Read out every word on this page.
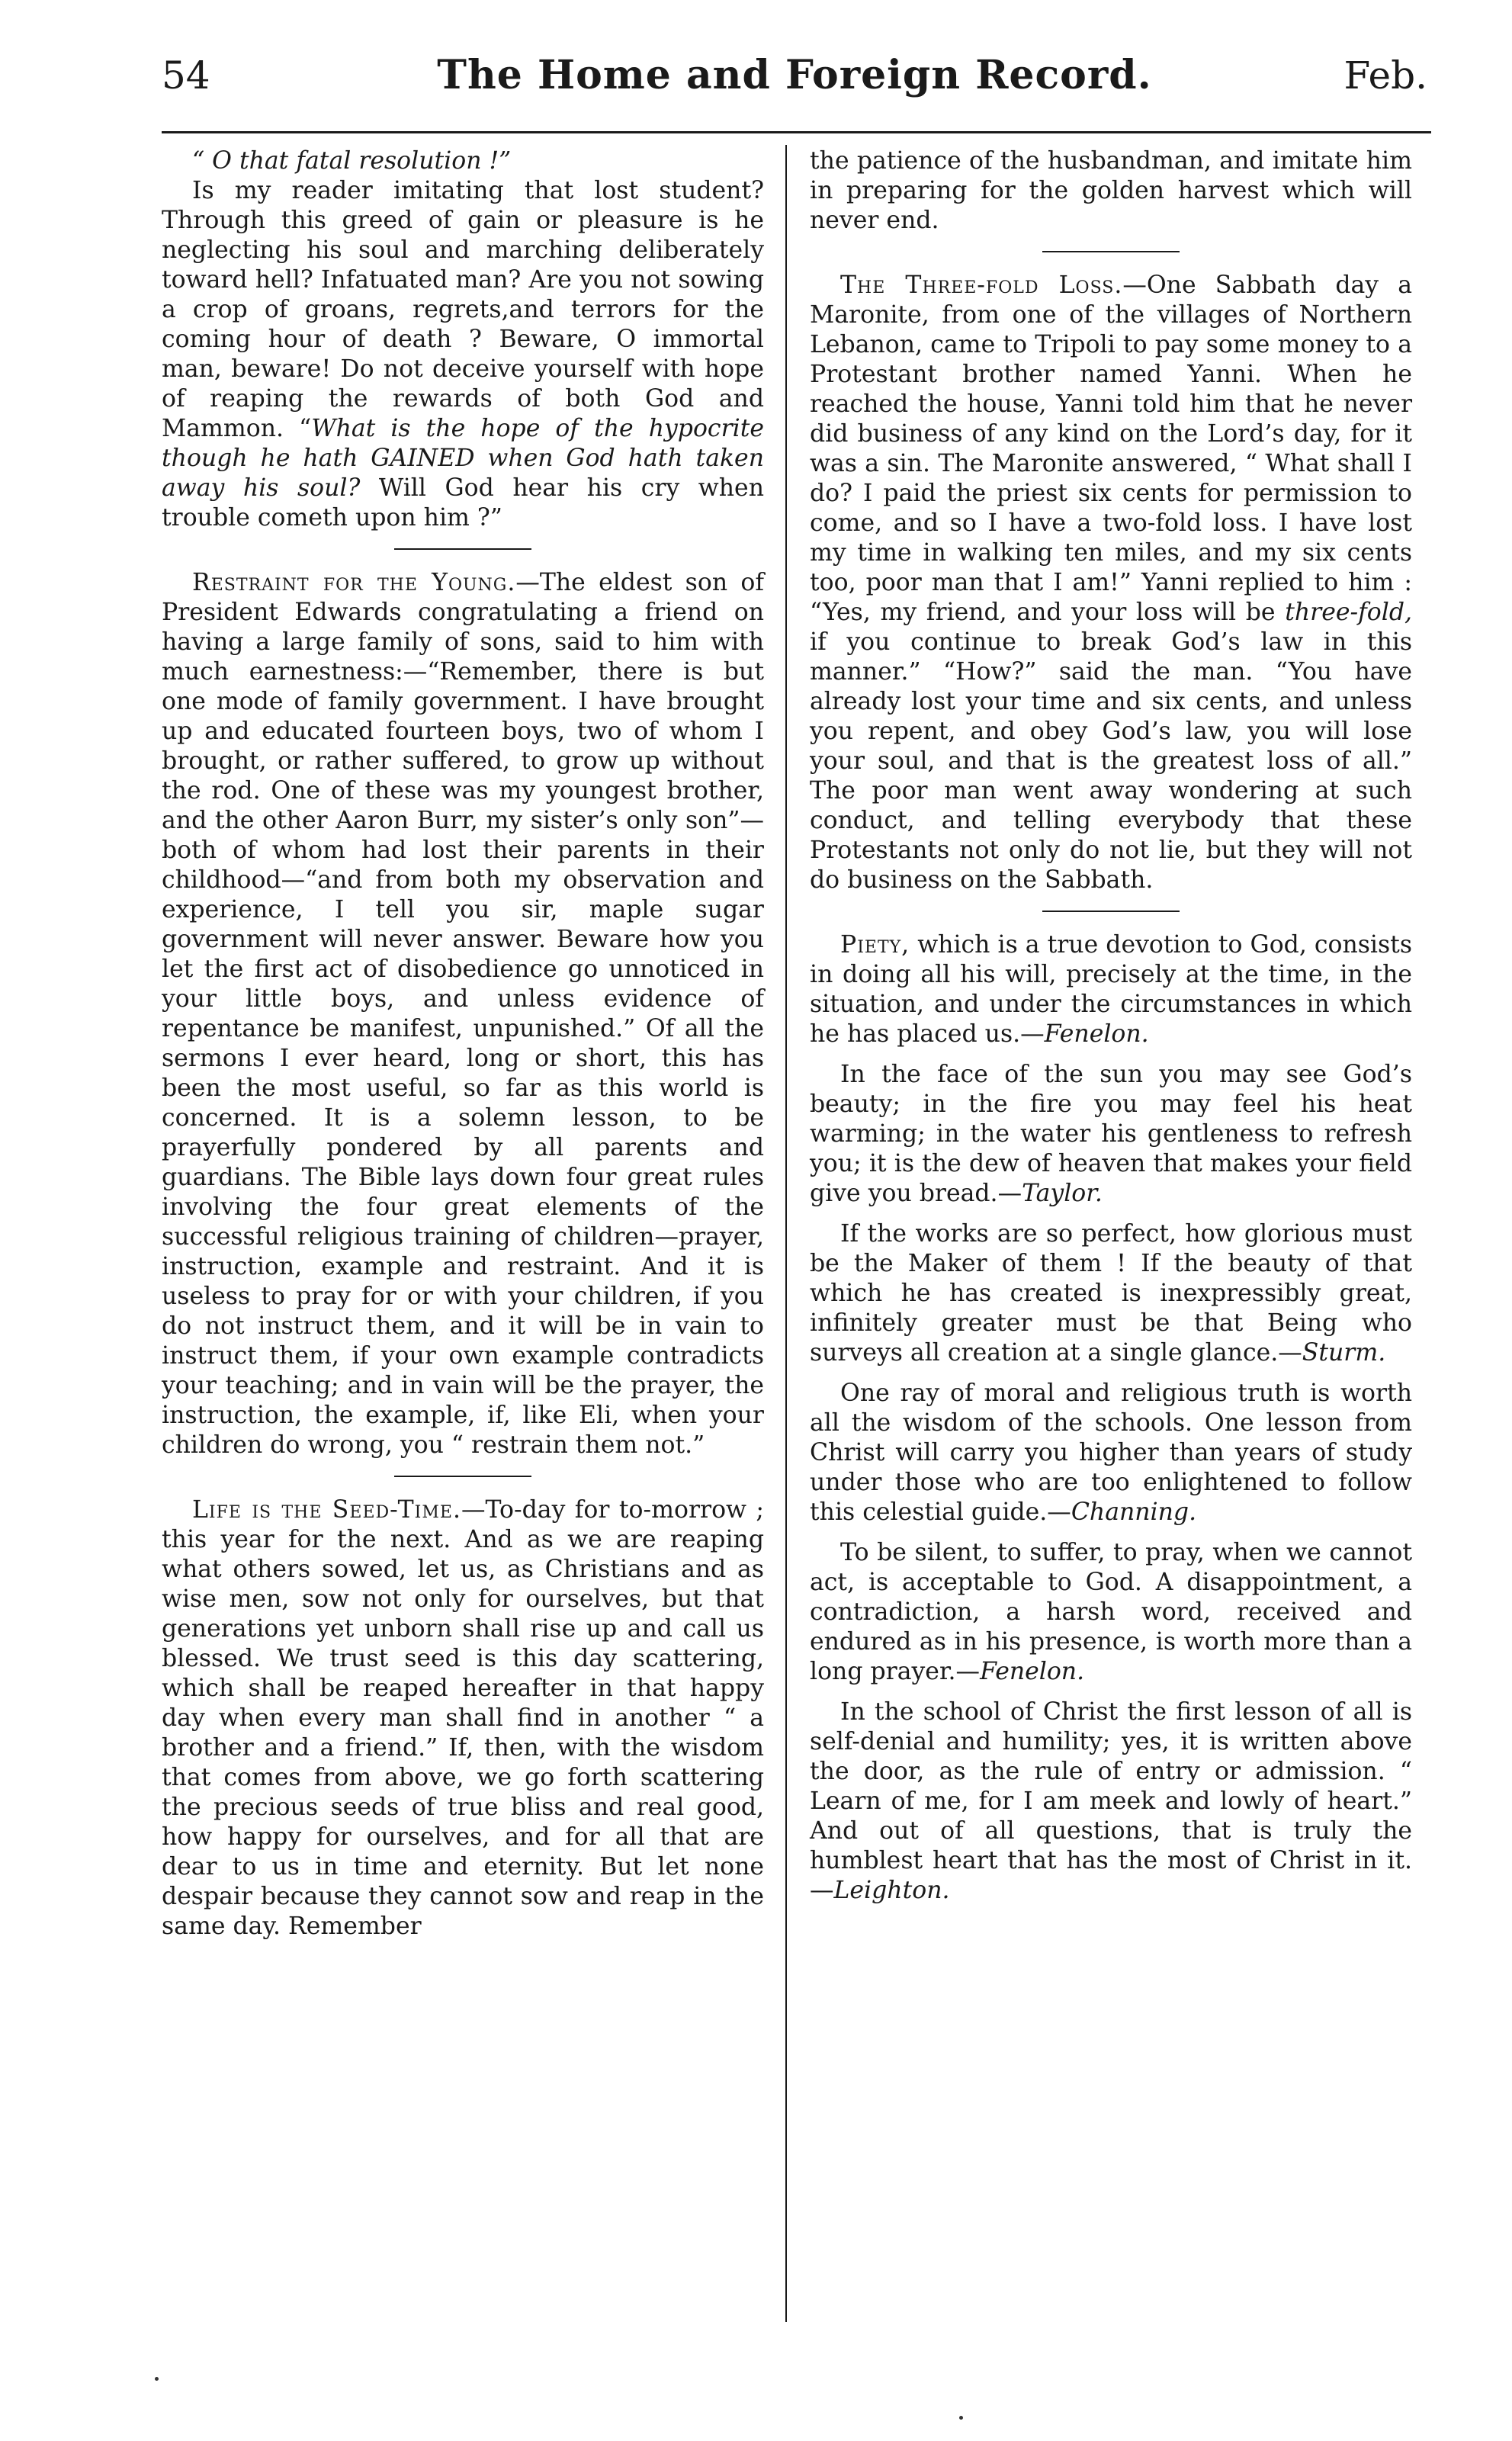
54	The Home and Foreign Record.	Feb.

“ O that fatal resolution !”

Is my reader imitating that lost student? Through this greed of gain or pleasure is he neglecting his soul and marching deliberately toward hell? Infatuated man? Are you not sowing a crop of groans, regrets,and terrors for the coming hour of death ? Beware, O immortal man, beware! Do not deceive yourself with hope of reaping the rewards of both God and Mammon. “What is the hope of the hypocrite though he hath GAINED when God hath taken away his soul? Will God hear his cry when trouble cometh upon him ?”

Restraint for the Young.—The eldest son of President Edwards congratulating a friend on having a large family of sons, said to him with much earnestness:—“Remember, there is but one mode of family government. I have brought up and educated fourteen boys, two of whom I brought, or rather suffered, to grow up without the rod. One of these was my youngest brother, and the other Aaron Burr, my sister’s only son”—both of whom had lost their parents in their childhood—“and from both my observation and experience, I tell you sir, maple sugar government will never answer. Beware how you let the first act of disobedience go unnoticed in your little boys, and unless evidence of repentance be manifest, unpunished.” Of all the sermons I ever heard, long or short, this has been the most useful, so far as this world is concerned. It is a solemn lesson, to be prayerfully pondered by all parents and guardians. The Bible lays down four great rules involving the four great elements of the successful religious training of children—prayer, instruction, example and restraint. And it is useless to pray for or with your children, if you do not instruct them, and it will be in vain to instruct them, if your own example contradicts your teaching; and in vain will be the prayer, the instruction, the example, if, like Eli, when your children do wrong, you “ restrain them not.”

Life is the Seed-Time.—To-day for to-morrow ; this year for the next. And as we are reaping what others sowed, let us, as Christians and as wise men, sow not only for ourselves, but that generations yet unborn shall rise up and call us blessed. We trust seed is this day scattering, which shall be reaped hereafter in that happy day when every man shall find in another “ a brother and a friend.” If, then, with the wisdom that comes from above, we go forth scattering the precious seeds of true bliss and real good, how happy for ourselves, and for all that are dear to us in time and eternity. But let none despair because they cannot sow and reap in the same day. Remember

the patience of the husbandman, and imitate him in preparing for the golden harvest which will never end.

The Three-fold Loss.—One Sabbath day a Maronite, from one of the villages of Northern Lebanon, came to Tripoli to pay some money to a Protestant brother named Yanni. When he reached the house, Yanni told him that he never did business of any kind on the Lord’s day, for it was a sin. The Maronite answered, “ What shall I do? I paid the priest six cents for permission to come, and so I have a two-fold loss. I have lost my time in walking ten miles, and my six cents too, poor man that I am!” Yanni replied to him : “Yes, my friend, and your loss will be three-fold, if you continue to break God’s law in this manner.” “How?” said the man. “You have already lost your time and six cents, and unless you repent, and obey God’s law, you will lose your soul, and that is the greatest loss of all.” The poor man went away wondering at such conduct, and telling everybody that these Protestants not only do not lie, but they will not do business on the Sabbath.

Piety, which is a true devotion to God, consists in doing all his will, precisely at the time, in the situation, and under the circumstances in which he has placed us.—Fenelon.

In the face of the sun you may see God’s beauty; in the fire you may feel his heat warming; in the water his gentleness to refresh you; it is the dew of heaven that makes your field give you bread.—Taylor.

If the works are so perfect, how glorious must be the Maker of them ! If the beauty of that which he has created is inexpressibly great, infinitely greater must be that Being who surveys all creation at a single glance.—Sturm.

One ray of moral and religious truth is worth all the wisdom of the schools. One lesson from Christ will carry you higher than years of study under those who are too enlightened to follow this celestial guide.—Channing.

To be silent, to suffer, to pray, when we cannot act, is acceptable to God. A disappointment, a contradiction, a harsh word, received and endured as in his presence, is worth more than a long prayer.—Fenelon.

In the school of Christ the first lesson of all is self-denial and humility; yes, it is written above the door, as the rule of entry or admission. “ Learn of me, for I am meek and lowly of heart.” And out of all questions, that is truly the humblest heart that has the most of Christ in it.—Leighton.
